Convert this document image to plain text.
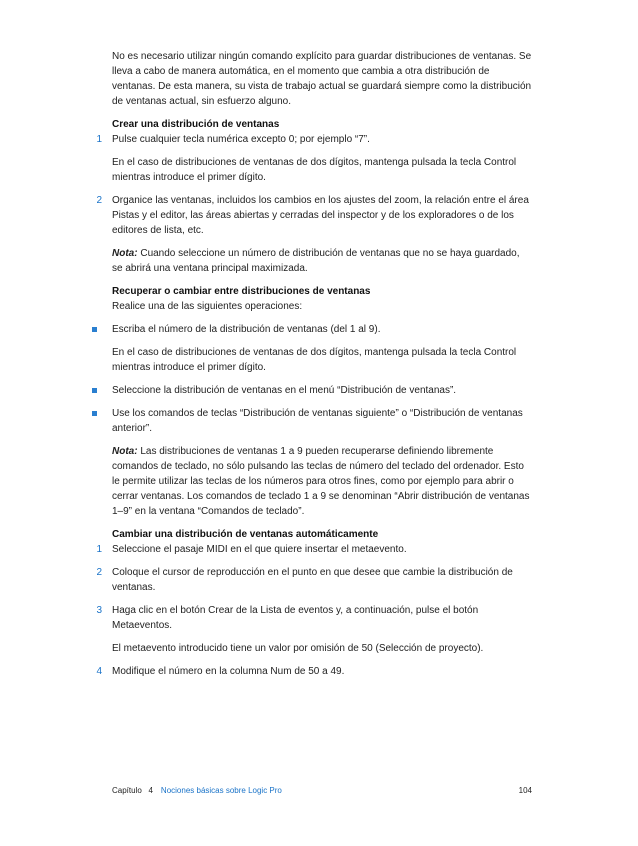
No es necesario utilizar ningún comando explícito para guardar distribuciones de ventanas. Se lleva a cabo de manera automática, en el momento que cambia a otra distribución de ventanas. De esta manera, su vista de trabajo actual se guardará siempre como la distribución de ventanas actual, sin esfuerzo alguno.

Crear una distribución de ventanas

1 Pulse cualquier tecla numérica excepto 0; por ejemplo “7”.

En el caso de distribuciones de ventanas de dos dígitos, mantenga pulsada la tecla Control mientras introduce el primer dígito.

2 Organice las ventanas, incluidos los cambios en los ajustes del zoom, la relación entre el área Pistas y el editor, las áreas abiertas y cerradas del inspector y de los exploradores o de los editores de lista, etc.

Nota: Cuando seleccione un número de distribución de ventanas que no se haya guardado, se abrirá una ventana principal maximizada.

Recuperar o cambiar entre distribuciones de ventanas

Realice una de las siguientes operaciones:

Escriba el número de la distribución de ventanas (del 1 al 9).

En el caso de distribuciones de ventanas de dos dígitos, mantenga pulsada la tecla Control mientras introduce el primer dígito.

Seleccione la distribución de ventanas en el menú “Distribución de ventanas”.

Use los comandos de teclas “Distribución de ventanas siguiente” o “Distribución de ventanas anterior”.

Nota: Las distribuciones de ventanas 1 a 9 pueden recuperarse definiendo libremente comandos de teclado, no sólo pulsando las teclas de número del teclado del ordenador. Esto le permite utilizar las teclas de los números para otros fines, como por ejemplo para abrir o cerrar ventanas. Los comandos de teclado 1 a 9 se denominan “Abrir distribución de ventanas 1–9” en la ventana “Comandos de teclado”.

Cambiar una distribución de ventanas automáticamente

1 Seleccione el pasaje MIDI en el que quiere insertar el metaevento.

2 Coloque el cursor de reproducción en el punto en que desee que cambie la distribución de ventanas.

3 Haga clic en el botón Crear de la Lista de eventos y, a continuación, pulse el botón Metaeventos.

El metaevento introducido tiene un valor por omisión de 50 (Selección de proyecto).

4 Modifique el número en la columna Num de 50 a 49.

Capítulo   4 Nociones básicas sobre Logic Pro	104
